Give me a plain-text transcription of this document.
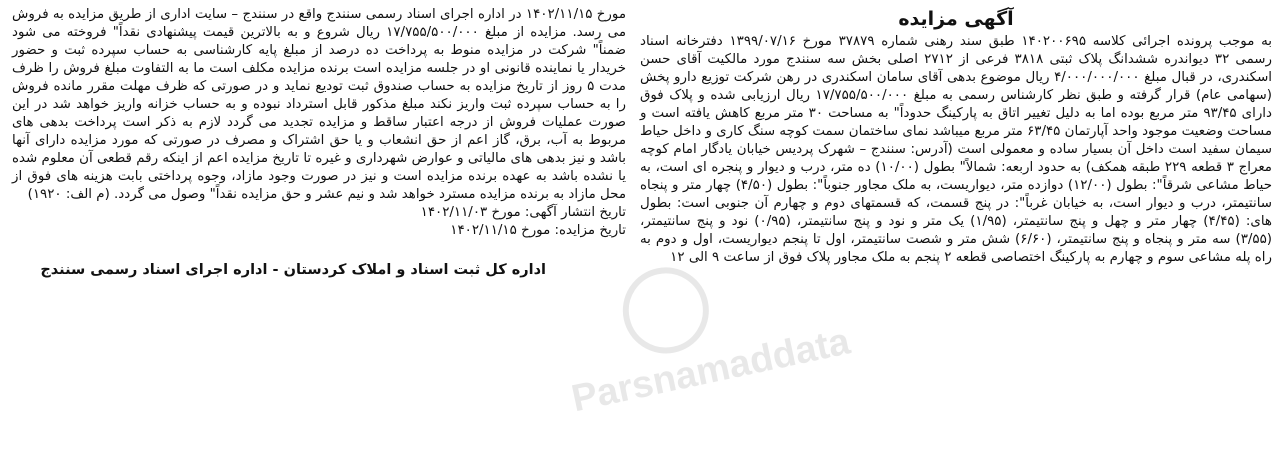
آگهی مزایده

به موجب پرونده اجرائی کلاسه ۱۴۰۲۰۰۶۹۵ طبق سند رهنی شماره ۳۷۸۷۹ مورخ ۱۳۹۹/۰۷/۱۶ دفترخانه اسناد رسمی ۳۲ دیواندره ششدانگ پلاک ثبتی ۳۸۱۸ فرعی از ۲۷۱۲ اصلی بخش سه سنندج مورد مالکیت آقای حسن اسکندری، در قبال مبلغ ۴/۰۰۰/۰۰۰/۰۰۰ ریال موضوع بدهی آقای سامان اسکندری در رهن شرکت توزیع دارو پخش (سهامی عام) قرار گرفته و طبق نظر کارشناس رسمی به مبلغ ۱۷/۷۵۵/۵۰۰/۰۰۰ ریال ارزیابی شده و پلاک فوق دارای ۹۳/۴۵ متر مربع بوده اما به دلیل تغییر اتاق به پارکینگ حدوداً" به مساحت ۳۰ متر مربع کاهش یافته است و مساحت وضعیت موجود واحد آپارتمان ۶۳/۴۵ متر مربع میباشد نمای ساختمان سمت کوچه سنگ کاری و داخل حیاط سیمان سفید است داخل آن بسیار ساده و معمولی است (آدرس: سنندج – شهرک پردیس خیابان یادگار امام کوچه معراج ۳ قطعه ۲۲۹ طبقه همکف) به حدود اربعه: شمالاً" بطول (۱۰/۰۰) ده متر، درب و دیوار و پنجره ای است، به حیاط مشاعی شرقاً": بطول (۱۲/۰۰) دوازده متر، دیواریست، به ملک مجاور جنوباً": بطول (۴/۵۰) چهار متر و پنجاه سانتیمتر، درب و دیوار است، به خیابان غرباً": در پنج قسمت، که قسمتهای دوم و چهارم آن جنوبی است: بطول های: (۴/۴۵) چهار متر و چهل و پنج سانتیمتر، (۱/۹۵) یک متر و نود و پنج سانتیمتر، (۰/۹۵) نود و پنج سانتیمتر، (۳/۵۵) سه متر و پنجاه و پنج سانتیمتر، (۶/۶۰) شش متر و شصت سانتیمتر، اول تا پنجم دیواریست، اول و دوم به راه پله مشاعی سوم و چهارم به پارکینگ اختصاصی قطعه ۲ پنجم به ملک مجاور پلاک فوق از ساعت ۹ الی ۱۲

مورخ ۱۴۰۲/۱۱/۱۵ در اداره اجرای اسناد رسمی سنندج واقع در سنندج – سایت اداری از طریق مزایده به فروش می رسد. مزایده از مبلغ ۱۷/۷۵۵/۵۰۰/۰۰۰ ریال شروع و به بالاترین قیمت پیشنهادی نقداً" فروخته می شود ضمناً" شرکت در مزایده منوط به پرداخت ده درصد از مبلغ پایه کارشناسی به حساب سپرده ثبت و حضور خریدار یا نماینده قانونی او در جلسه مزایده است برنده مزایده مکلف است ما به التفاوت مبلغ فروش را ظرف مدت ۵ روز از تاریخ مزایده به حساب صندوق ثبت تودیع نماید و در صورتی که ظرف مهلت مقرر مانده فروش را به حساب سپرده ثبت واریز نکند مبلغ مذکور قابل استرداد نبوده و به حساب خزانه واریز خواهد شد در این صورت عملیات فروش از درجه اعتبار ساقط و مزایده تجدید می گردد لازم به ذکر است پرداخت بدهی های مربوط به آب، برق، گاز اعم از حق انشعاب و یا حق اشتراک و مصرف در صورتی که مورد مزایده دارای آنها باشد و نیز بدهی های مالیاتی و عوارض شهرداری و غیره تا تاریخ مزایده اعم از اینکه رقم قطعی آن معلوم شده یا نشده باشد به عهده برنده مزایده است و نیز در صورت وجود مازاد، وجوه پرداختی بابت هزینه های فوق از محل مازاد به برنده مزایده مسترد خواهد شد و نیم عشر و حق مزایده نقداً" وصول می گردد. (م الف: ۱۹۲۰)

تاریخ انتشار آگهی: مورخ ۱۴۰۲/۱۱/۰۳

تاریخ مزایده: مورخ ۱۴۰۲/۱۱/۱۵

اداره کل ثبت اسناد و املاک کردستان - اداره اجرای اسناد رسمی سنندج
Parsnamaddata
